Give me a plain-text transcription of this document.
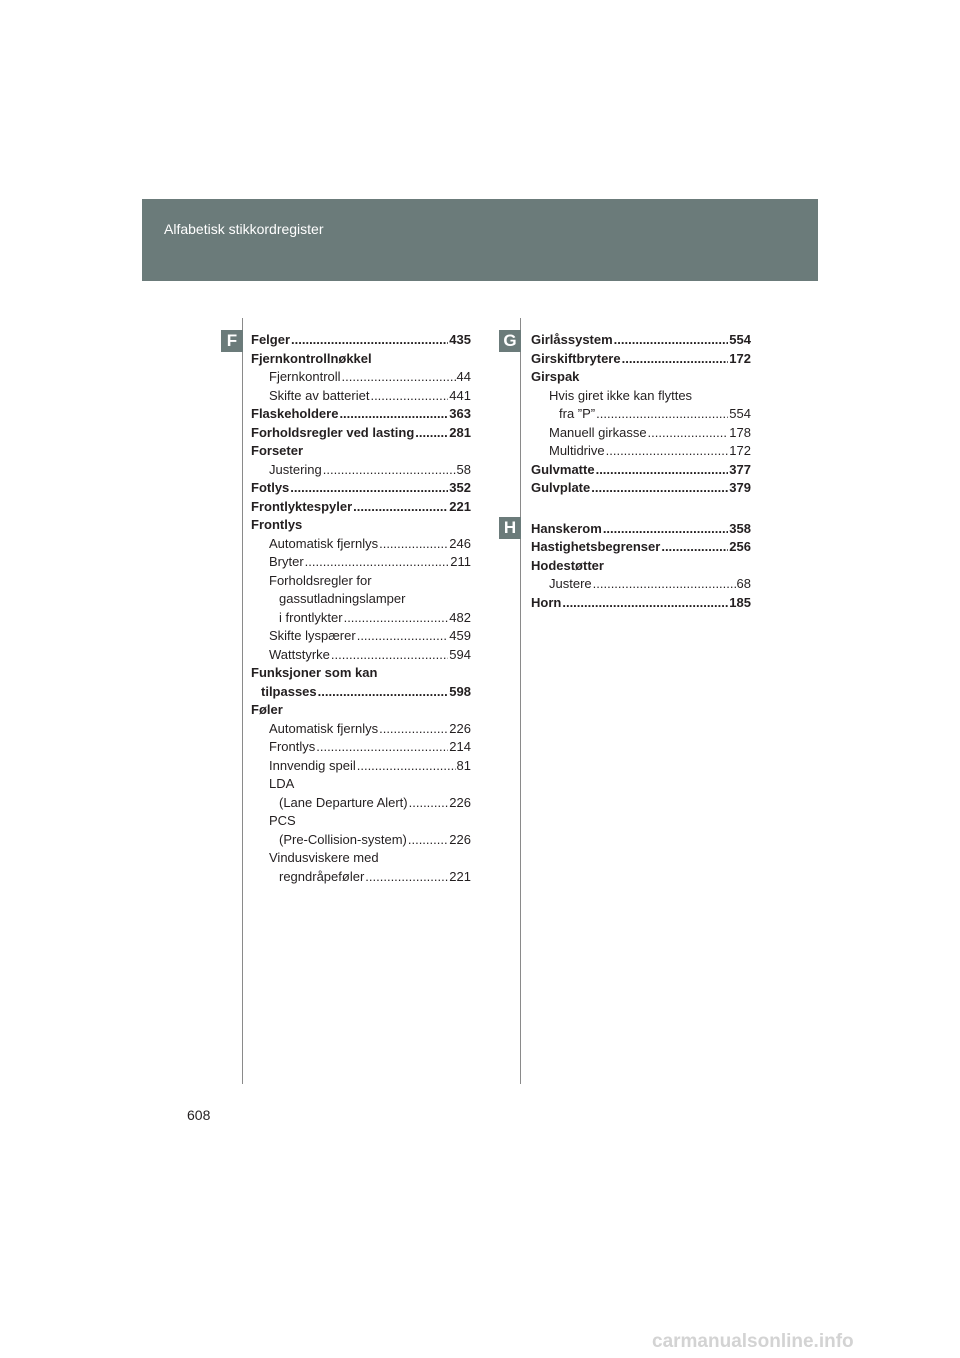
Alfabetisk stikkordregister
F	G
H
Felger .....	435
Fjernkontrollnøkkel
Fjernkontroll .....	44
Skifte av batteriet .....	441
Flaskeholdere .....	363
Forholdsregler ved lasting .....	281
Forseter
Justering .....	58
Fotlys .....	352
Frontlyktespyler .....	221
Frontlys
Automatisk fjernlys .....	246
Bryter .....	211
Forholdsregler for
gassutladningslamper
i frontlykter .....	482
Skifte lyspærer .....	459
Wattstyrke .....	594
Funksjoner som kan
tilpasses .....	598
Føler
Automatisk fjernlys .....	226
Frontlys .....	214
Innvendig speil .....	81
LDA
(Lane Departure Alert) .....	226
PCS
(Pre-Collision-system) .....	226
Vindusviskere med
regndråpeføler .....	221
Girlåssystem .....	554
Girskiftbrytere .....	172
Girspak
Hvis giret ikke kan flyttes
fra ”P” .....	554
Manuell girkasse .....	178
Multidrive .....	172
Gulvmatte .....	377
Gulvplate .....	379
Hanskerom .....	358
Hastighetsbegrenser .....	256
Hodestøtter
Justere .....	68
Horn .....	185
608
carmanualsonline.info
